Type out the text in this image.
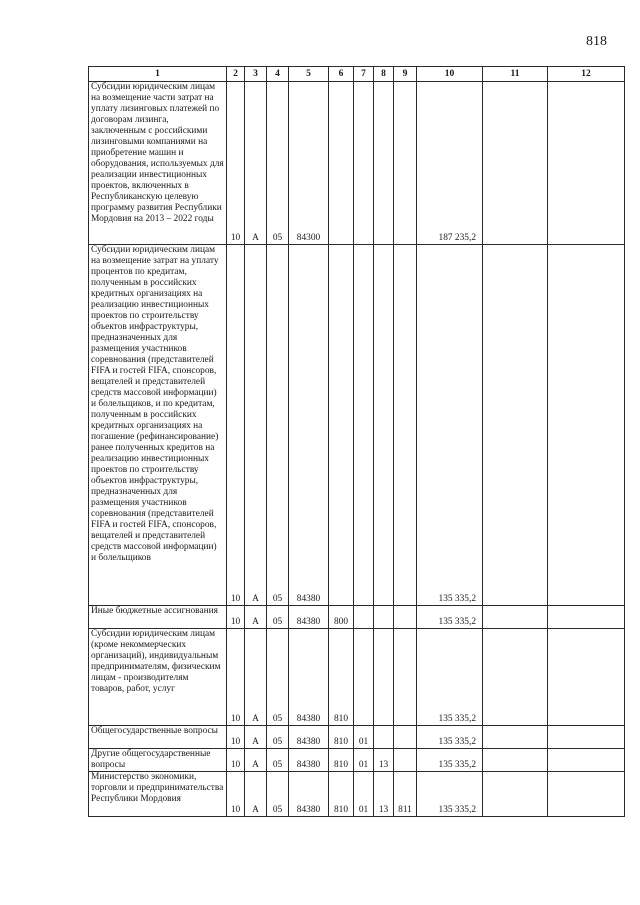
818
1	2	3	4	5	6	7	8	9	10	11	12

Субсидии юридическим лицам на возмещение части затрат на уплату лизинговых платежей по договорам лизинга, заключенным с российскими лизинговыми компаниями на приобретение машин и оборудования, используемых для реализации инвестиционных проектов, включенных в Республиканскую целевую программу развития Республики Мордовия на 2013 – 2022 годы	10	А	05	84300					187 235,2		

Субсидии юридическим лицам на возмещение затрат на уплату процентов по кредитам, полученным в российских кредитных организациях на реализацию инвестиционных проектов по строительству объектов инфраструктуры, предназначенных для размещения участников соревнования (представителей FIFA и гостей FIFA, спонсоров, вещателей и представителей средств массовой информации) и болельщиков, и по кредитам, полученным в российских кредитных организациях на погашение (рефинансирование) ранее полученных кредитов на реализацию инвестиционных проектов по строительству объектов инфраструктуры, предназначенных для размещения участников соревнования (представителей FIFA и гостей FIFA, спонсоров, вещателей и представителей средств массовой информации) и болельщиков	10	А	05	84380					135 335,2		

Иные бюджетные ассигнования	10	А	05	84380	800				135 335,2		

Субсидии юридическим лицам (кроме некоммерческих организаций), индивидуальным предпринимателям, физическим лицам - производителям товаров, работ, услуг	10	А	05	84380	810				135 335,2		

Общегосударственные вопросы	10	А	05	84380	810	01			135 335,2		

Другие общегосударственные вопросы	10	А	05	84380	810	01	13		135 335,2		

Министерство экономики, торговли и предпринимательства Республики Мордовия	10	А	05	84380	810	01	13	811	135 335,2		
